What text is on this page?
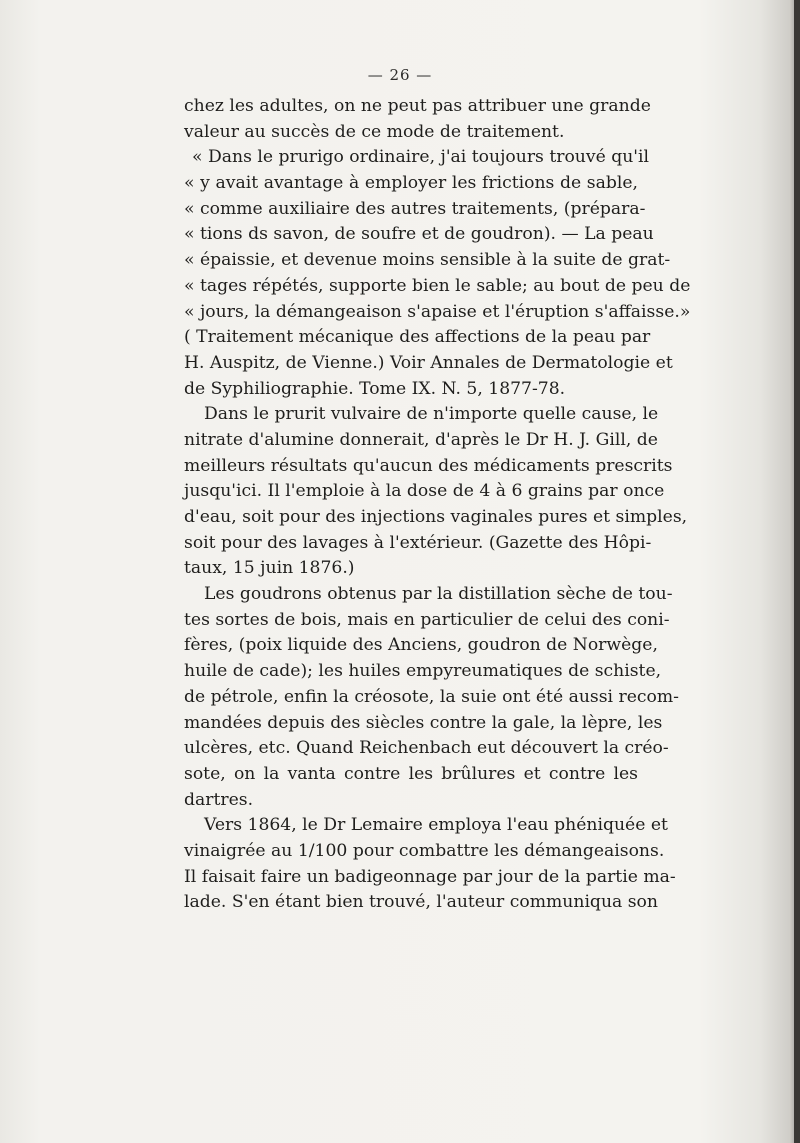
— 26 —
chez les adultes, on ne peut pas attribuer une grande
valeur au succès de ce mode de traitement.
« Dans le prurigo ordinaire, j'ai toujours trouvé qu'il
« y avait avantage à employer les frictions de sable,
« comme auxiliaire des autres traitements, (prépara-
« tions ds savon, de soufre et de goudron). — La peau
« épaissie, et devenue moins sensible à la suite de grat-
« tages répétés, supporte bien le sable; au bout de peu de
« jours, la démangeaison s'apaise et l'éruption s'affaisse.»
( Traitement mécanique des affections de la peau par
H. Auspitz, de Vienne.) Voir Annales de Dermatologie et
de Syphiliographie. Tome IX. N. 5, 1877-78.
Dans le prurit vulvaire de n'importe quelle cause, le
nitrate d'alumine donnerait, d'après le Dr H. J. Gill, de
meilleurs résultats qu'aucun des médicaments prescrits
jusqu'ici. Il l'emploie à la dose de 4 à 6 grains par once
d'eau, soit pour des injections vaginales pures et simples,
soit pour des lavages à l'extérieur. (Gazette des Hôpi-
taux, 15 juin 1876.)
Les goudrons obtenus par la distillation sèche de tou-
tes sortes de bois, mais en particulier de celui des coni-
fères, (poix liquide des Anciens, goudron de Norwège,
huile de cade); les huiles empyreumatiques de schiste,
de pétrole, enfin la créosote, la suie ont été aussi recom-
mandées depuis des siècles contre la gale, la lèpre, les
ulcères, etc. Quand Reichenbach eut découvert la créo-
sote, on la vanta contre les brûlures et contre les
dartres.
Vers 1864, le Dr Lemaire employa l'eau phéniquée et
vinaigrée au 1/100 pour combattre les démangeaisons.
Il faisait faire un badigeonnage par jour de la partie ma-
lade. S'en étant bien trouvé, l'auteur communiqua son
